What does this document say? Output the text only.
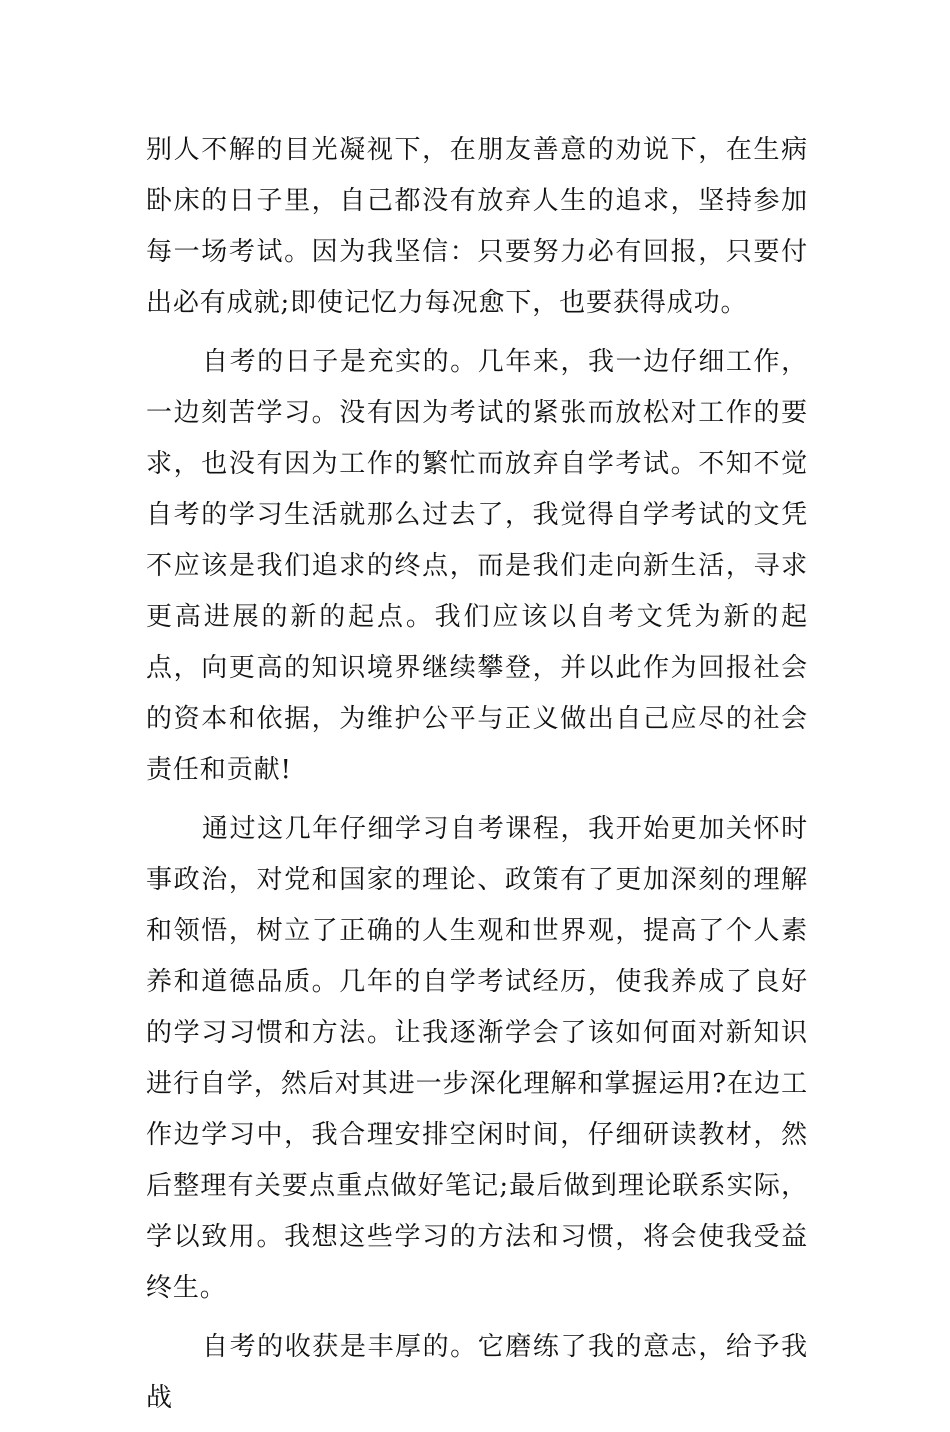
别人不解的目光凝视下，在朋友善意的劝说下，在生病卧床的日子里，自己都没有放弃人生的追求，坚持参加每一场考试。因为我坚信：只要努力必有回报，只要付出必有成就;即使记忆力每况愈下，也要获得成功。

自考的日子是充实的。几年来，我一边仔细工作，一边刻苦学习。没有因为考试的紧张而放松对工作的要求，也没有因为工作的繁忙而放弃自学考试。不知不觉自考的学习生活就那么过去了，我觉得自学考试的文凭不应该是我们追求的终点，而是我们走向新生活，寻求更高进展的新的起点。我们应该以自考文凭为新的起点，向更高的知识境界继续攀登，并以此作为回报社会的资本和依据，为维护公平与正义做出自己应尽的社会责任和贡献!

通过这几年仔细学习自考课程，我开始更加关怀时事政治，对党和国家的理论、政策有了更加深刻的理解和领悟，树立了正确的人生观和世界观，提高了个人素养和道德品质。几年的自学考试经历，使我养成了良好的学习习惯和方法。让我逐渐学会了该如何面对新知识进行自学，然后对其进一步深化理解和掌握运用?在边工作边学习中，我合理安排空闲时间，仔细研读教材，然后整理有关要点重点做好笔记;最后做到理论联系实际，学以致用。我想这些学习的方法和习惯，将会使我受益终生。

自考的收获是丰厚的。它磨练了我的意志，给予我战
